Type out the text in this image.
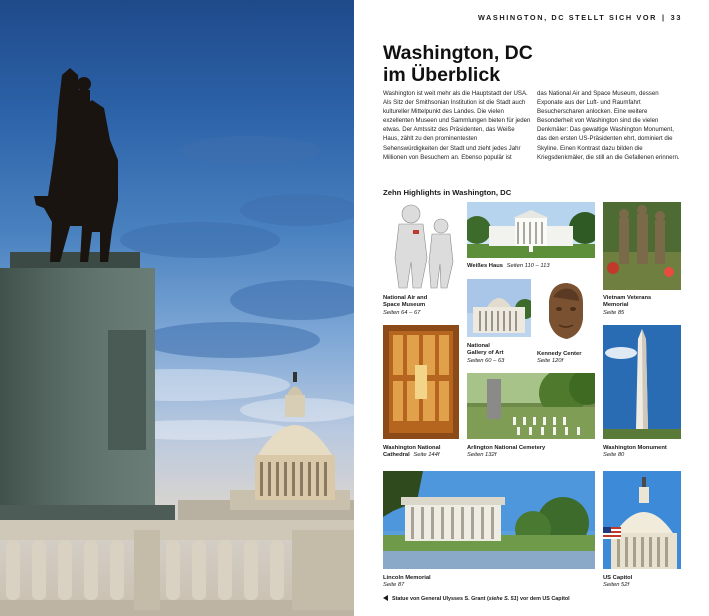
WASHINGTON, DC STELLT SICH VOR | 33
Washington, DC
im Überblick

Washington ist weit mehr als die Hauptstadt der USA. Als Sitz der Smithsonian Institution ist die Stadt auch kultureller Mittelpunkt des Landes. Die vielen exzellenten Museen und Sammlungen bieten für jeden etwas. Der Amtssitz des Präsidenten, das Weiße Haus, zählt zu den prominentesten Sehenswürdigkeiten der Stadt und zieht jedes Jahr Millionen von Besuchern an. Ebenso populär ist

das National Air and Space Museum, dessen Exponate aus der Luft- und Raumfahrt Besucherscharen anlocken. Eine weitere Besonderheit von Washington sind die vielen Denkmäler: Das gewaltige Washington Monument, das den ersten US-Präsidenten ehrt, dominiert die Skyline. Einen Kontrast dazu bilden die Kriegsdenkmäler, die still an die Gefallenen erinnern.

Zehn Highlights in Washington, DC
National Air and
Space Museum
Seiten 64 – 67
Weißes Haus Seiten 110 – 113
Vietnam Veterans
Memorial
Seite 85
National
Gallery of Art
Seiten 60 – 63
Kennedy Center
Seite 120f
Washington National
Cathedral Seite 144f
Arlington National Cemetery
Seiten 132f
Washington Monument
Seite 80
Lincoln Memorial
Seite 87
US Capitol
Seiten 52f
Statue von General Ulysses S. Grant (siehe S. 51) vor dem US Capitol
